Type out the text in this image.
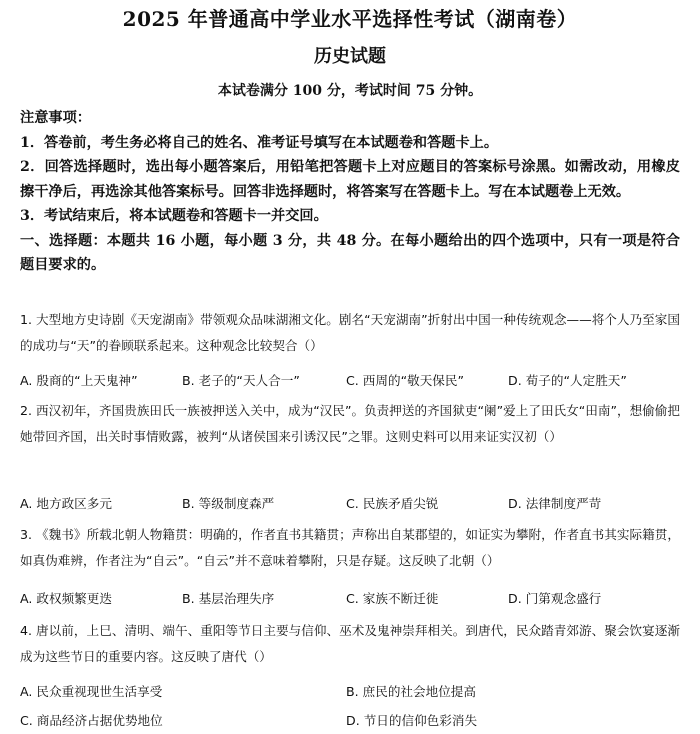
2025 年普通高中学业水平选择性考试（湖南卷）
历史试题
本试卷满分 100 分，考试时间 75 分钟。

注意事项：

1．答卷前，考生务必将自己的姓名、准考证号填写在本试题卷和答题卡上。

2．回答选择题时，选出每小题答案后，用铅笔把答题卡上对应题目的答案标号涂黑。如需改动，用橡皮擦干净后，再选涂其他答案标号。回答非选择题时，将答案写在答题卡上。写在本试题卷上无效。

3．考试结束后，将本试题卷和答题卡一并交回。

一、选择题：本题共 16 小题，每小题 3 分，共 48 分。在每小题给出的四个选项中，只有一项是符合题目要求的。

1. 大型地方史诗剧《天宠湖南》带领观众品味湖湘文化。剧名“天宠湖南”折射出中国一种传统观念——将个人乃至家国的成功与“天”的眷顾联系起来。这种观念比较契合（）

A. 殷商的“上天鬼神”	B. 老子的“天人合一”	C. 西周的“敬天保民”	D. 荀子的“人定胜天”

2. 西汉初年，齐国贵族田氏一族被押送入关中，成为“汉民”。负责押送的齐国狱吏“阑”爱上了田氏女“田南”，想偷偷把她带回齐国，出关时事情败露，被判“从诸侯国来引诱汉民”之罪。这则史料可以用来证实汉初（）

A. 地方政区多元	B. 等级制度森严	C. 民族矛盾尖锐	D. 法律制度严苛

3. 《魏书》所载北朝人物籍贯：明确的，作者直书其籍贯；声称出自某郡望的，如证实为攀附，作者直书其实际籍贯，如真伪难辨，作者注为“自云”。“自云”并不意味着攀附，只是存疑。这反映了北朝（）

A. 政权频繁更迭	B. 基层治理失序	C. 家族不断迁徙	D. 门第观念盛行

4. 唐以前，上巳、清明、端午、重阳等节日主要与信仰、巫术及鬼神崇拜相关。到唐代，民众踏青郊游、聚会饮宴逐渐成为这些节日的重要内容。这反映了唐代（）

A. 民众重视现世生活享受	B. 庶民的社会地位提高
C. 商品经济占据优势地位	D. 节日的信仰色彩消失
